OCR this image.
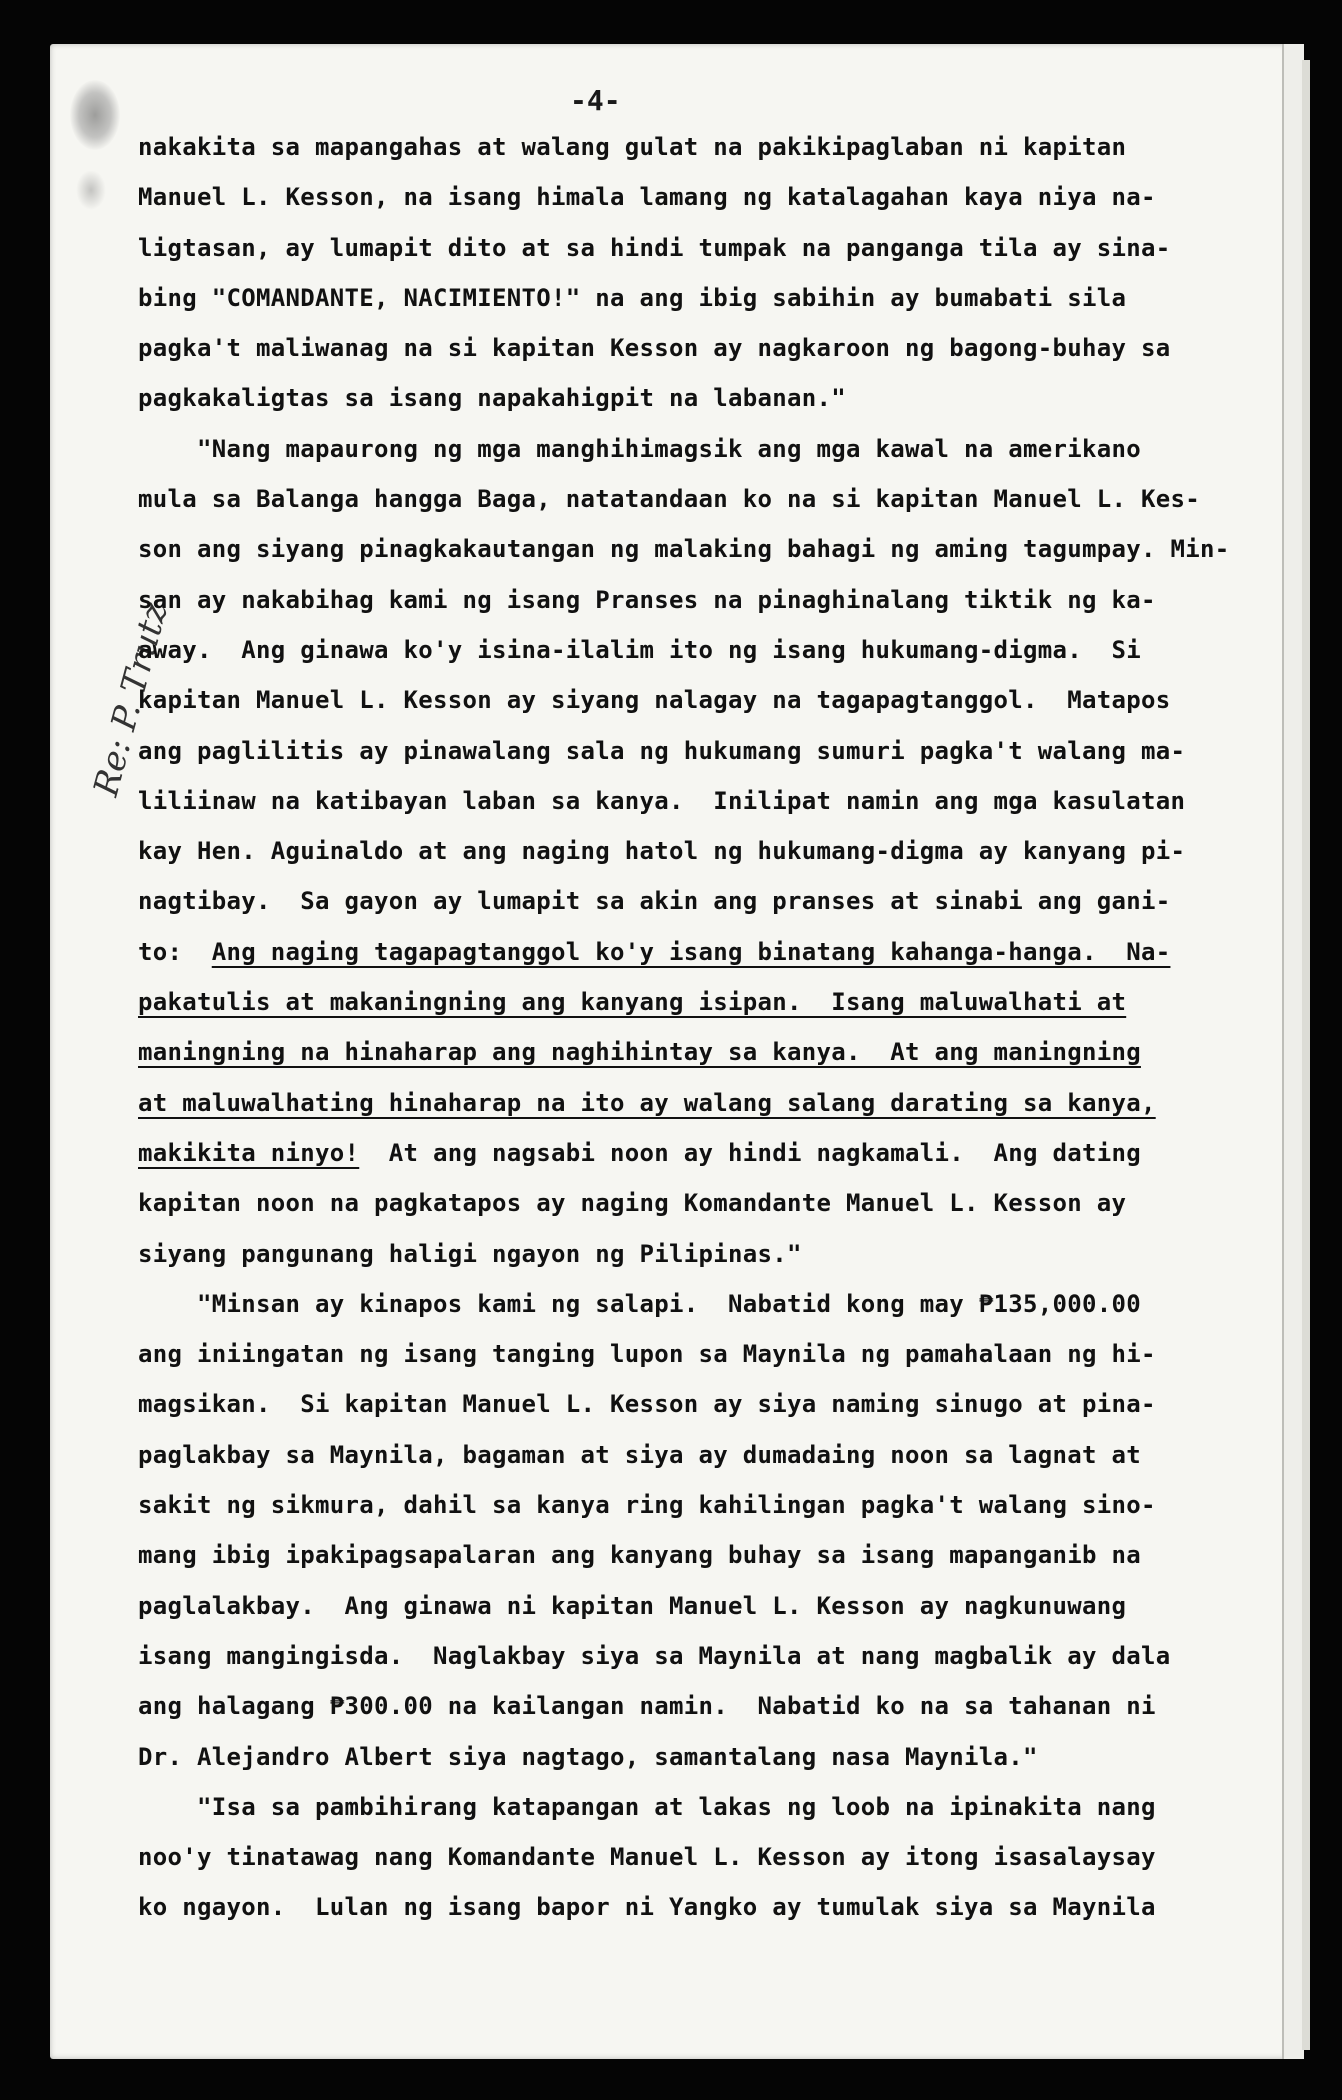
-4-
Re: P. Trutz
nakakita sa mapangahas at walang gulat na pakikipaglaban ni kapitan
Manuel L. Kesson, na isang himala lamang ng katalagahan kaya niya na-
ligtasan, ay lumapit dito at sa hindi tumpak na panganga tila ay sina-
bing "COMANDANTE, NACIMIENTO!" na ang ibig sabihin ay bumabati sila
pagka't maliwanag na si kapitan Kesson ay nagkaroon ng bagong-buhay sa
pagkakaligtas sa isang napakahigpit na labanan."
"Nang mapaurong ng mga manghihimagsik ang mga kawal na amerikano
mula sa Balanga hangga Baga, natatandaan ko na si kapitan Manuel L. Kes-
son ang siyang pinagkakautangan ng malaking bahagi ng aming tagumpay. Min-
san ay nakabihag kami ng isang Pranses na pinaghinalang tiktik ng ka-
away.  Ang ginawa ko'y isina-ilalim ito ng isang hukumang-digma.  Si
kapitan Manuel L. Kesson ay siyang nalagay na tagapagtanggol.  Matapos
ang paglilitis ay pinawalang sala ng hukumang sumuri pagka't walang ma-
liliinaw na katibayan laban sa kanya.  Inilipat namin ang mga kasulatan
kay Hen. Aguinaldo at ang naging hatol ng hukumang-digma ay kanyang pi-
nagtibay.  Sa gayon ay lumapit sa akin ang pranses at sinabi ang gani-
to:  Ang naging tagapagtanggol ko'y isang binatang kahanga-hanga.  Na-
pakatulis at makaningning ang kanyang isipan.  Isang maluwalhati at
maningning na hinaharap ang naghihintay sa kanya.  At ang maningning
at maluwalhating hinaharap na ito ay walang salang darating sa kanya,
makikita ninyo!  At ang nagsabi noon ay hindi nagkamali.  Ang dating
kapitan noon na pagkatapos ay naging Komandante Manuel L. Kesson ay
siyang pangunang haligi ngayon ng Pilipinas."
"Minsan ay kinapos kami ng salapi.  Nabatid kong may ₱135,000.00
ang iniingatan ng isang tanging lupon sa Maynila ng pamahalaan ng hi-
magsikan.  Si kapitan Manuel L. Kesson ay siya naming sinugo at pina-
paglakbay sa Maynila, bagaman at siya ay dumadaing noon sa lagnat at
sakit ng sikmura, dahil sa kanya ring kahilingan pagka't walang sino-
mang ibig ipakipagsapalaran ang kanyang buhay sa isang mapanganib na
paglalakbay.  Ang ginawa ni kapitan Manuel L. Kesson ay nagkunuwang
isang mangingisda.  Naglakbay siya sa Maynila at nang magbalik ay dala
ang halagang ₱300.00 na kailangan namin.  Nabatid ko na sa tahanan ni
Dr. Alejandro Albert siya nagtago, samantalang nasa Maynila."
"Isa sa pambihirang katapangan at lakas ng loob na ipinakita nang
noo'y tinatawag nang Komandante Manuel L. Kesson ay itong isasalaysay
ko ngayon.  Lulan ng isang bapor ni Yangko ay tumulak siya sa Maynila
